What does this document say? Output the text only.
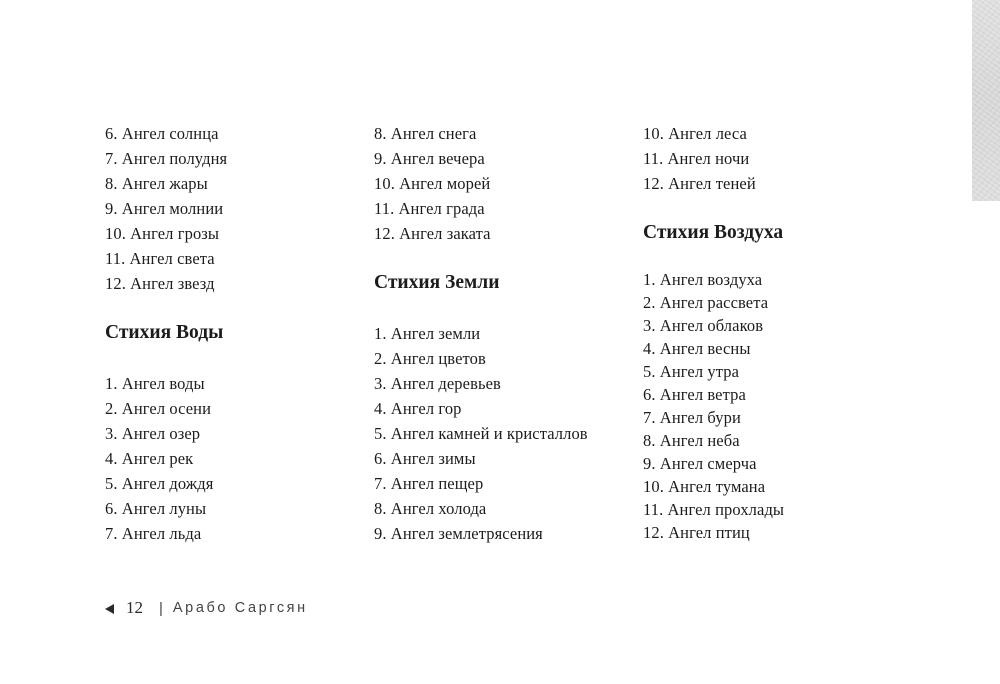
6. Ангел солнца
7. Ангел полудня
8. Ангел жары
9. Ангел молнии
10. Ангел грозы
11. Ангел света
12. Ангел звезд
Стихия Воды
1. Ангел воды
2. Ангел осени
3. Ангел озер
4. Ангел рек
5. Ангел дождя
6. Ангел луны
7. Ангел льда
8. Ангел снега
9. Ангел вечера
10. Ангел морей
11. Ангел града
12. Ангел заката
Стихия Земли
1. Ангел земли
2. Ангел цветов
3. Ангел деревьев
4. Ангел гор
5. Ангел камней и кристаллов
6. Ангел зимы
7. Ангел пещер
8. Ангел холода
9. Ангел землетрясения
10. Ангел леса
11. Ангел ночи
12. Ангел теней
Стихия Воздуха
1. Ангел воздуха
2. Ангел рассвета
3. Ангел облаков
4. Ангел весны
5. Ангел утра
6. Ангел ветра
7. Ангел бури
8. Ангел неба
9. Ангел смерча
10. Ангел тумана
11. Ангел прохлады
12. Ангел птиц
12 | Арабо Саргсян
